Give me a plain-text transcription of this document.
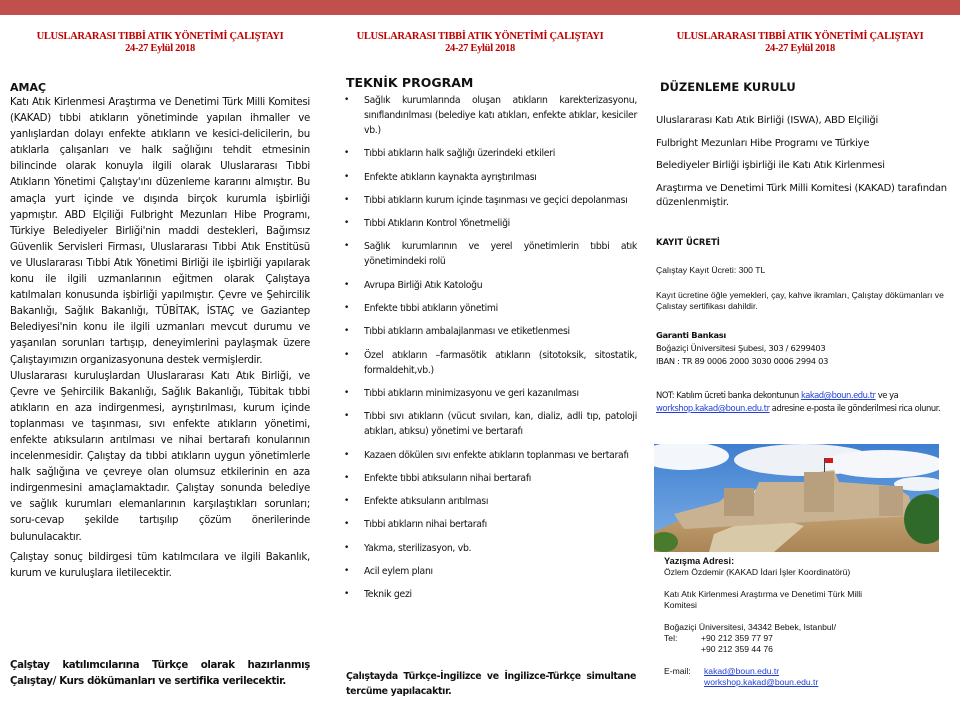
ULUSLARARASI TIBBİ ATIK YÖNETİMİ ÇALIŞTAYI
24-27 Eylül 2018
AMAÇ

Katı Atık Kirlenmesi Araştırma ve Denetimi Türk Milli Komitesi (KAKAD) tıbbi atıkların yönetiminde yapılan ihmaller ve yanlışlardan dolayı enfekte atıkların ve kesici-delicilerin, bu atıklarla çalışanları ve halk sağlığını tehdit etmesinin bilincinde olarak konuyla ilgili olarak Uluslararası Tıbbi Atıkların Yönetimi Çalıştay'ını düzenleme kararını almıştır. Bu amaçla yurt içinde ve dışında birçok kurumla işbirliği yapmıştır. ABD Elçiliği Fulbright Mezunları Hibe Programı, Türkiye Belediyeler Birliği'nin maddi destekleri, Bağımsız Güvenlik Servisleri Firması, Uluslararası Tıbbi Atık Enstitüsü ve Uluslararası Tıbbi Atık Yönetimi Birliği ile işbirliği yapılarak konu ile ilgili uzmanlarının eğitmen olarak Çalıştaya katılmaları konusunda işbirliği yapılmıştır. Çevre ve Şehircilik Bakanlığı, Sağlık Bakanlığı, TÜBİTAK, İSTAÇ ve Gaziantep Belediyesi'nin konu ile ilgili uzmanları mevcut durumu ve yaşanılan sorunları tartışıp, deneyimlerini paylaşmak üzere Çalıştayımızın organizasyonuna destek vermişlerdir.

Uluslararası kuruluşlardan Uluslararası Katı Atık Birliği, ve Çevre ve Şehircilik Bakanlığı, Sağlık Bakanlığı, Tübitak tıbbi atıkların en aza indirgenmesi, ayrıştırılması, kurum içinde toplanması ve taşınması, sıvı enfekte atıkların yönetimi, enfekte atıksuların arıtılması ve nihai bertarafı konularının incelenmesidir. Çalıştay da tıbbi atıkların uygun yönetimlerle halk sağlığına ve çevreye olan olumsuz etkilerinin en aza indirgenmesini amaçlamaktadır. Çalıştay sonunda belediye ve sağlık kurumları elemanlarının karşılaştıkları sorunları; soru-cevap şekilde tartışılıp çözüm önerilerinde bulunulacaktır.

Çalıştay sonuç bildirgesi tüm katılmcılara ve ilgili Bakanlık, kurum ve kuruluşlara iletilecektir.

Çalştay katılımcılarına Türkçe olarak hazırlanmış Çalıştay/ Kurs dökümanları ve sertifika verilecektir.
ULUSLARARASI TIBBİ ATIK YÖNETİMİ ÇALIŞTAYI
24-27 Eylül 2018
TEKNİK PROGRAM
• Sağlık kurumlarında oluşan atıkların karekterizasyonu, sınıflandırılması (belediye katı atıkları, enfekte atıklar, kesiciler vb.)
• Tıbbi atıkların halk sağlığı üzerindeki etkileri
• Enfekte atıkların kaynakta ayrıştırılması
• Tıbbi atıkların kurum içinde taşınması ve geçici depolanması
• Tıbbi Atıkların Kontrol Yönetmeliği
• Sağlık kurumlarının ve yerel yönetimlerin tıbbi atık yönetimindeki rolü
• Avrupa Birliği Atık Katoloğu
• Enfekte tıbbi atıkların yönetimi
• Tıbbi atıkların ambalajlanması ve etiketlenmesi
• Özel atıkların –farmasötik atıkların (sitotoksik, sitostatik, formaldehit,vb.)
• Tıbbi atıkların minimizasyonu ve geri kazanılması
• Tıbbi sıvı atıkların (vücut sıvıları, kan, dializ, adli tıp, patoloji atıkları, atıksu) yönetimi ve bertarafı
• Kazaen dökülen sıvı enfekte atıkların toplanması ve bertarafı
• Enfekte tıbbi atıksuların nihai bertarafı
• Enfekte atıksuların arıtılması
• Tıbbi atıkların nihai bertarafı
• Yakma, sterilizasyon, vb.
• Acil eylem planı
• Teknik gezi
Çalıştayda Türkçe-İngilizce ve İngilizce-Türkçe simultane tercüme yapılacaktır.
ULUSLARARASI TIBBİ ATIK YÖNETİMİ ÇALIŞTAYI
24-27 Eylül 2018
DÜZENLEME KURULU

Uluslararası Katı Atık Birliği (ISWA), ABD Elçiliği

Fulbright Mezunları Hibe Programı ve Türkiye

Belediyeler Birliği işbirliği ile Katı Atık Kirlenmesi

Araştırma ve Denetimi Türk Milli Komitesi (KAKAD) tarafından düzenlenmiştir.

KAYIT ÜCRETİ
Çalıştay Kayıt Ücreti: 300 TL
Kayıt ücretine öğle yemekleri, çay, kahve ikramları, Çalıştay dökümanları ve Çalıstay sertifikası dahildir.
Garanti Bankası
Boğaziçi Üniversitesi Şubesi, 303 / 6299403
IBAN : TR 89 0006 2000 3030 0006 2994 03
NOT: Katılım ücreti banka dekontunun kakad@boun.edu.tr ve ya workshop.kakad@boun.edu.tr adresine e-posta ile gönderilmesi rica olunur.
Yazışma Adresi:
Özlem Özdemir (KAKAD İdari İşler Koordinatörü)
Katı Atık Kirlenmesi Araştırma ve Denetimi Türk Milli
Komitesi
Boğaziçi Üniversitesi, 34342 Bebek, Istanbul/
Tel:	+90 212 359 77 97
+90 212 359 44 76
E-mail:	kakad@boun.edu.tr
workshop.kakad@boun.edu.tr
